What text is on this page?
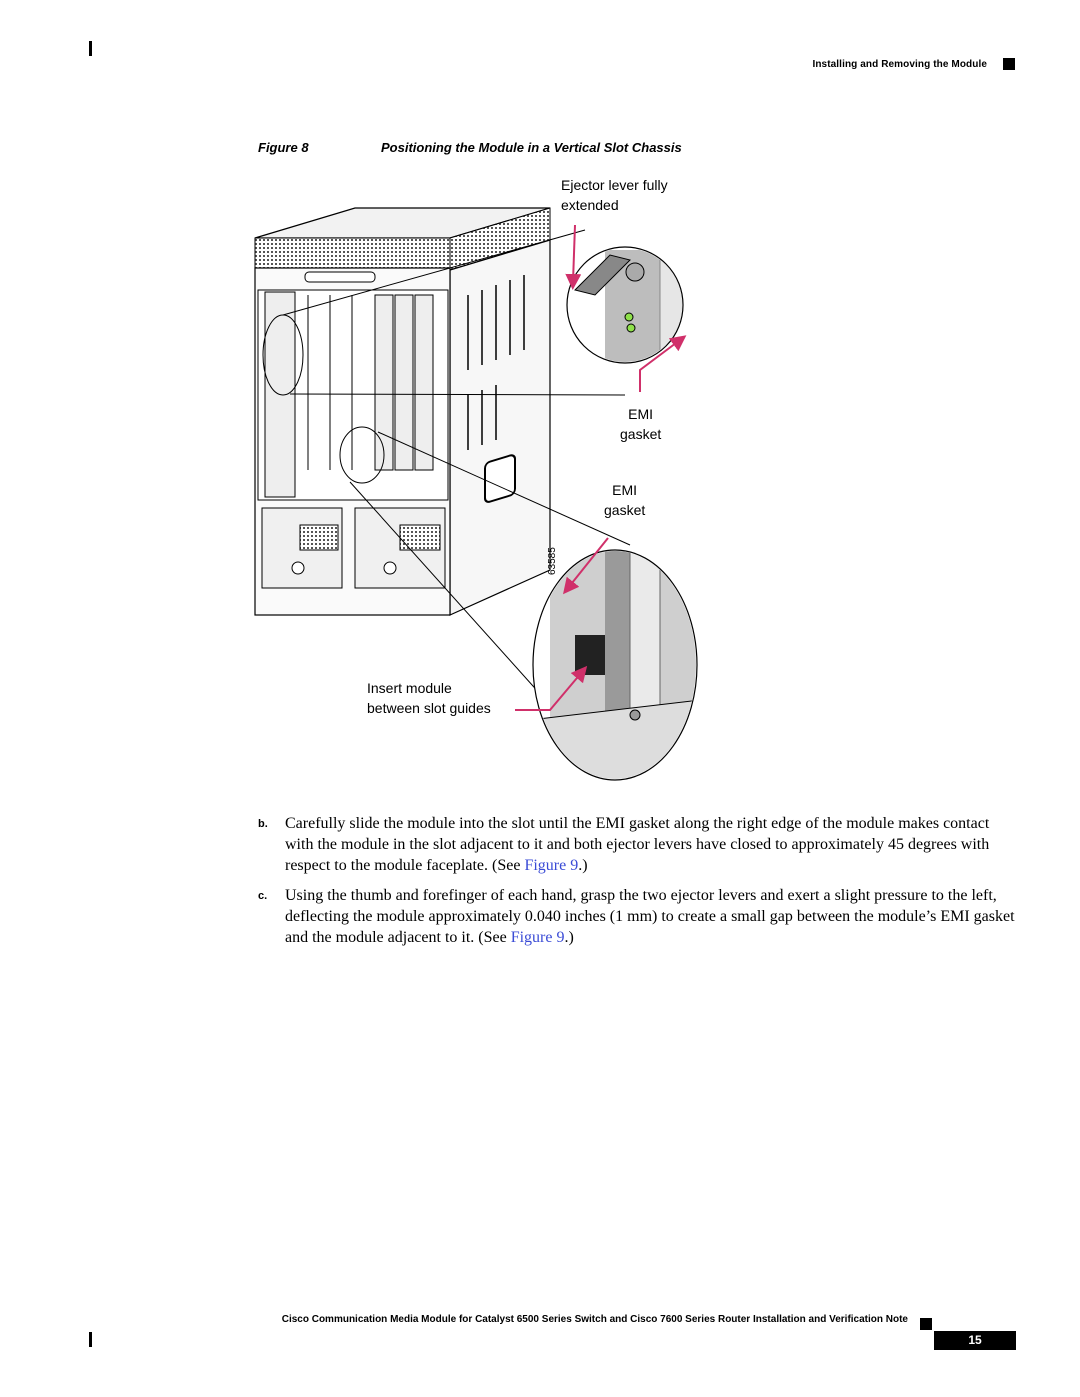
Installing and Removing the Module
Figure 8	Positioning the Module in a Vertical Slot Chassis
63585
Ejector lever fully
extended
EMI
gasket
EMI
gasket
Insert module
between slot guides
b. Carefully slide the module into the slot until the EMI gasket along the right edge of the module makes contact with the module in the slot adjacent to it and both ejector levers have closed to approximately 45 degrees with respect to the module faceplate. (See Figure 9.)
c. Using the thumb and forefinger of each hand, grasp the two ejector levers and exert a slight pressure to the left, deflecting the module approximately 0.040 inches (1 mm) to create a small gap between the module’s EMI gasket and the module adjacent to it. (See Figure 9.)
Cisco Communication Media Module for Catalyst 6500 Series Switch and Cisco 7600 Series Router Installation and Verification Note
15
